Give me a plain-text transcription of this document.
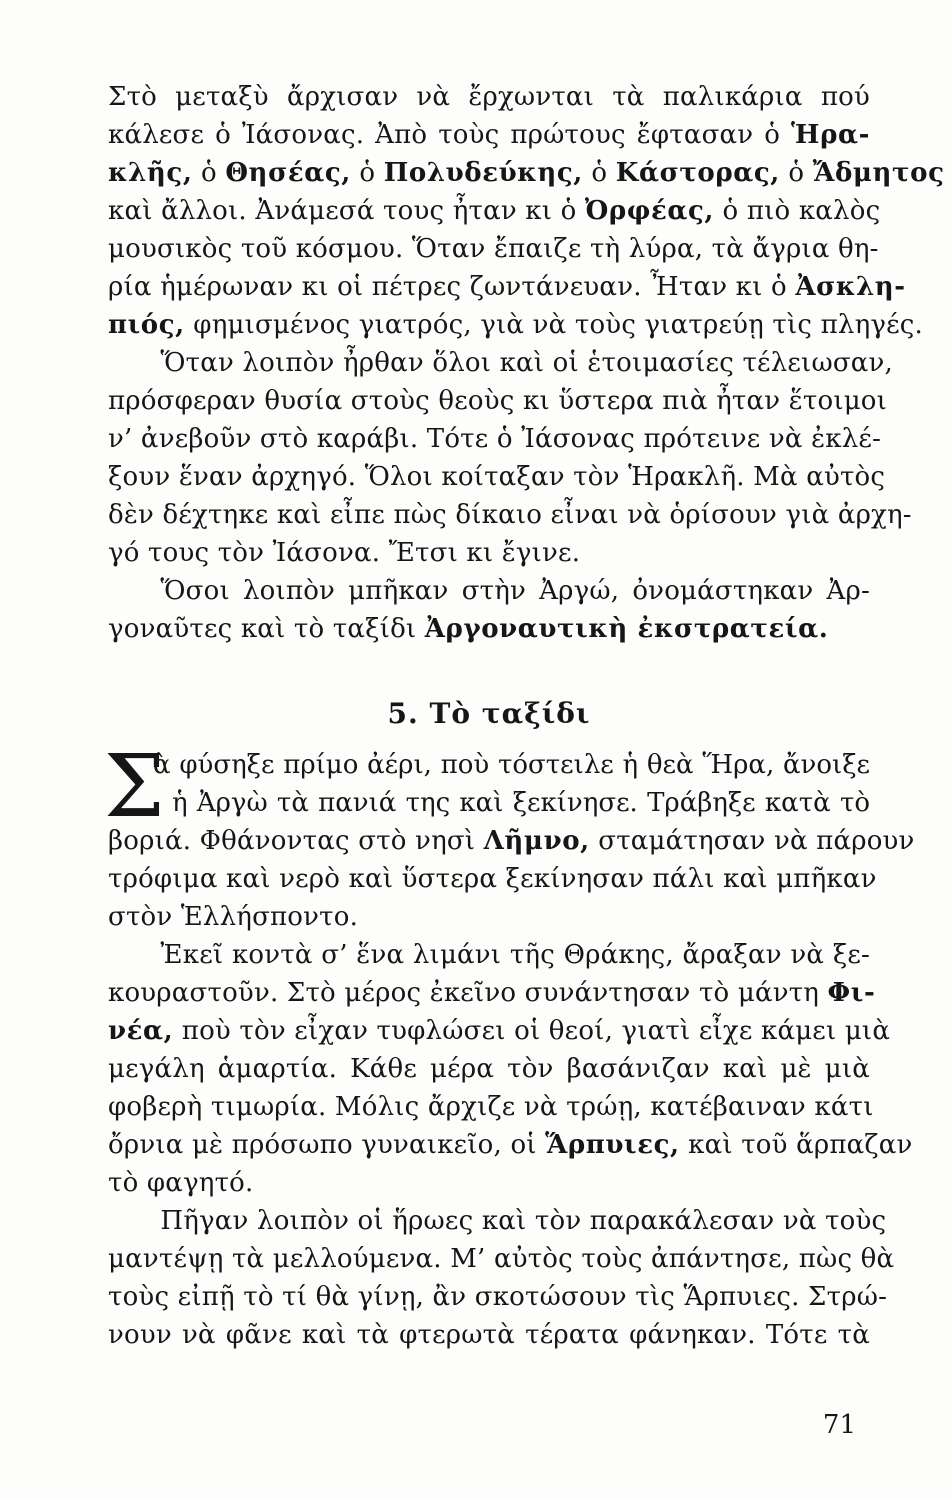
Στὸ μεταξὺ ἄρχισαν νὰ ἔρχωνται τὰ παλικάρια πού
κάλεσε ὁ Ἰάσονας. Ἀπὸ τοὺς πρώτους ἔφτασαν ὁ Ἡρα-
κλῆς, ὁ Θησέας, ὁ Πολυδεύκης, ὁ Κάστορας, ὁ Ἄδμητος
καὶ ἄλλοι. Ἀνάμεσά τους ἦταν κι ὁ Ὀρφέας, ὁ πιὸ καλὸς
μουσικὸς τοῦ κόσμου. Ὅταν ἔπαιζε τὴ λύρα, τὰ ἄγρια θη-
ρία ἡμέρωναν κι οἱ πέτρες ζωντάνευαν. Ἦταν κι ὁ Ἀσκλη-
πιός, φημισμένος γιατρός, γιὰ νὰ τοὺς γιατρεύῃ τὶς πληγές.
  Ὅταν λοιπὸν ἦρθαν ὅλοι καὶ οἱ ἑτοιμασίες τέλειωσαν,
πρόσφεραν θυσία στοὺς θεοὺς κι ὕστερα πιὰ ἦταν ἕτοιμοι
ν’ ἀνεβοῦν στὸ καράβι. Τότε ὁ Ἰάσονας πρότεινε νὰ ἐκλέ-
ξουν ἕναν ἀρχηγό. Ὅλοι κοίταξαν τὸν Ἡρακλῆ. Μὰ αὐτὸς
δὲν δέχτηκε καὶ εἶπε πὼς δίκαιο εἶναι νὰ ὁρίσουν γιὰ ἀρχη-
γό τους τὸν Ἰάσονα. Ἔτσι κι ἔγινε.
  Ὅσοι λοιπὸν μπῆκαν στὴν Ἀργώ, ὀνομάστηκαν Ἀρ-
γοναῦτες καὶ τὸ ταξίδι Ἀργοναυτικὴ ἐκστρατεία.
5. Τὸ ταξίδι
Σ
ὰ φύσηξε πρίμο ἀέρι, ποὺ τόστειλε ἡ θεὰ Ἥρα, ἄνοιξε
ἡ Ἀργὼ τὰ πανιά της καὶ ξεκίνησε. Τράβηξε κατὰ τὸ
βοριά. Φθάνοντας στὸ νησὶ Λῆμνο, σταμάτησαν νὰ πάρουν
τρόφιμα καὶ νερὸ καὶ ὕστερα ξεκίνησαν πάλι καὶ μπῆκαν
στὸν Ἑλλήσποντο.
  Ἐκεῖ κοντὰ σ’ ἕνα λιμάνι τῆς Θράκης, ἄραξαν νὰ ξε-
κουραστοῦν. Στὸ μέρος ἐκεῖνο συνάντησαν τὸ μάντη Φι-
νέα, ποὺ τὸν εἶχαν τυφλώσει οἱ θεοί, γιατὶ εἶχε κάμει μιὰ
μεγάλη ἁμαρτία. Κάθε μέρα τὸν βασάνιζαν καὶ μὲ μιὰ
φοβερὴ τιμωρία. Μόλις ἄρχιζε νὰ τρώῃ, κατέβαιναν κάτι
ὄρνια μὲ πρόσωπο γυναικεῖο, οἱ Ἅρπυιες, καὶ τοῦ ἅρπαζαν
τὸ φαγητό.
  Πῆγαν λοιπὸν οἱ ἥρωες καὶ τὸν παρακάλεσαν νὰ τοὺς
μαντέψῃ τὰ μελλούμενα. Μ’ αὐτὸς τοὺς ἀπάντησε, πὼς θὰ
τοὺς εἰπῇ τὸ τί θὰ γίνῃ, ἂν σκοτώσουν τὶς Ἅρπυιες. Στρώ-
νουν νὰ φᾶνε καὶ τὰ φτερωτὰ τέρατα φάνηκαν. Τότε τὰ
71
